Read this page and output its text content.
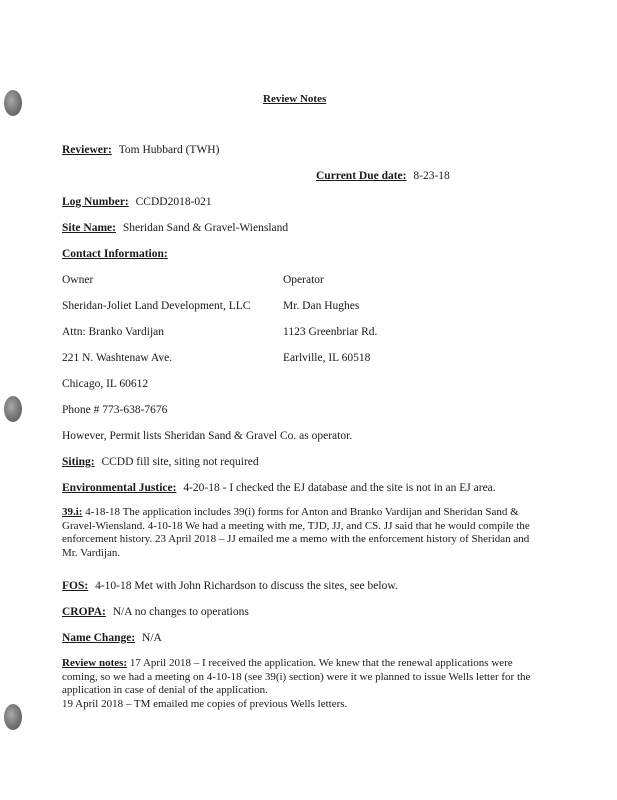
Review Notes
Reviewer: Tom Hubbard (TWH)
Current Due date: 8-23-18
Log Number: CCDD2018-021
Site Name: Sheridan Sand & Gravel-Wiensland
Contact Information:
Owner	Operator
Sheridan-Joliet Land Development, LLC
Attn: Branko Vardijan
221 N. Washtenaw Ave.
Chicago, IL 60612
Phone # 773-638-7676
Mr. Dan Hughes
1123 Greenbriar Rd.
Earlville, IL 60518
However, Permit lists Sheridan Sand & Gravel Co. as operator.
Siting: CCDD fill site, siting not required
Environmental Justice: 4-20-18 - I checked the EJ database and the site is not in an EJ area.
39.i: 4-18-18 The application includes 39(i) forms for Anton and Branko Vardijan and Sheridan Sand & Gravel-Wiensland. 4-10-18 We had a meeting with me, TJD, JJ, and CS. JJ said that he would compile the enforcement history. 23 April 2018 – JJ emailed me a memo with the enforcement history of Sheridan and Mr. Vardijan.
FOS: 4-10-18 Met with John Richardson to discuss the sites, see below.
CROPA: N/A no changes to operations
Name Change: N/A
Review notes: 17 April 2018 – I received the application. We knew that the renewal applications were coming, so we had a meeting on 4-10-18 (see 39(i) section) were it we planned to issue Wells letter for the application in case of denial of the application.
19 April 2018 – TM emailed me copies of previous Wells letters.
